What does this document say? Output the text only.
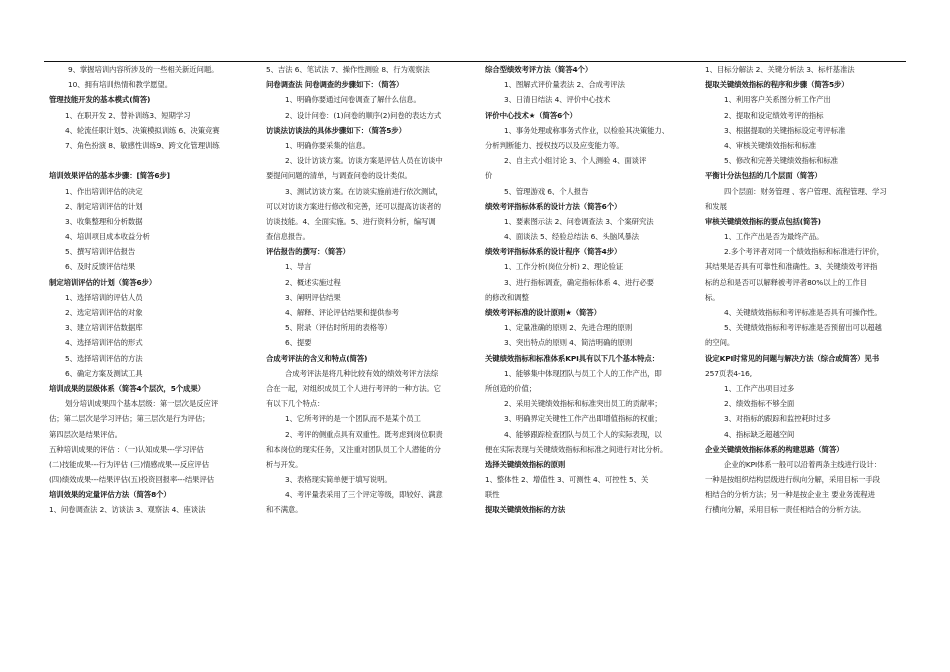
9、掌握培训内容所涉及的一些相关新近问题。
10、拥有培训热情和教学愿望。
管理技能开发的基本模式(简答)
1、在职开发 2、替补训练3、短期学习
4、轮流任职计划5、决策模拟训练 6、决策竞赛
7、角色扮演 8、敏感性训练9、跨文化管理训练
培训效果评估的基本步骤：[简答6步]
1、作出培训评估的决定
2、制定培训评估的计划
3、收集整理和分析数据
4、培训项目成本收益分析
5、撰写培训评估报告
6、及时反馈评估结果
制定培训评估的计划（简答6步）
1、选择培训的评估人员
2、选定培训评估的对象
3、建立培训评估数据库
4、选择培训评估的形式
5、选择培训评估的方法
6、确定方案及测试工具
培训成果的层级体系（简答4个层次，5个成果）
划分培训成果四个基本层级：第一层次是反应评
估；第二层次是学习评估；第三层次是行为评估；
第四层次是结果评估。
五种培训成果的评估 ：（一)认知成果---学习评估
(二)技能成果---行为评估 (三)情感成果---反应评估
(四)绩效成果---结果评估(五)投资回报率---结果评估
培训效果的定量评估方法（简答8个）
1、问卷调查法 2、访谈法 3、观察法 4、座谈法
5、吉法 6、笔试法 7、操作性测验 8、行为观察法
问卷调查法 问卷调查的步骤如下：（简答）
1、明确你要通过问卷调查了解什么信息。
2、设计问卷：(1)问卷的顺序(2)问卷的表达方式
访谈法访谈法的具体步骤如下：（简答5步）
1、明确你要采集的信息。
2、设计访谈方案。访谈方案是评估人员在访谈中
要提问问题的清单，与调查问卷的设计类似。
3、测试访谈方案。在访谈实施前进行依次测试，
可以对访谈方案进行修改和完善，还可以提高访谈者的
访谈技能。4、全面实施。5、进行资料分析，编写调
查信息报告。
评估报告的撰写：（简答）
1、导言
2、概述实施过程
3、阐明评估结果
4、解释、评论评估结果和提供参考
5、附录（评估时所用的表格等）
6、提要
合成考评法的含义和特点(简答)
合成考评法是将几种比较有效的绩效考评方法综
合在一起，对组织成员工个人进行考评的一种方法。它
有以下几个特点：
1、它所考评的是一个团队而不是某个员工
2、考评的侧重点具有双重性。既考虑到岗位职责
和本岗位的现实任务，又注重对团队员工个人潜能的分
析与开发。
3、表格现实简单便于填写说明。
4、考评量表采用了三个评定等级，即较好、满意
和不满意。
综合型绩效考评方法（简答4个）
1、图解式评价量表法 2、合成考评法
3、日清日结法 4、评价中心技术
评价中心技术★（简答6个）
1、事务处理或称事务式作业，以检验其决策能力、
分析判断能力、授权技巧以及应变能力等。
2、自主式小组讨论 3、个人测验 4、面谈评
价
5、管理游戏 6、个人报告
绩效考评指标体系的设计方法（简答6个）
1、要素图示法 2、问卷调查法 3、个案研究法
4、面谈法 5、经验总结法 6、头脑风暴法
绩效考评指标体系的设计程序（简答4步）
1、工作分析(岗位分析) 2、理论验证
3、进行指标调查，确定指标体系 4、进行必要
的修改和调整
绩效考评标准的设计原则★（简答）
1、定量准确的原则 2、先进合理的原则
3、突出特点的原则 4、简洁明确的原则
关键绩效指标和标准体系KPI具有以下几个基本特点：
1、能够集中体现团队与员工个人的工作产出，即
所创造的价值；
2、采用关键绩效指标和标准突出员工的贡献率；
3、明确界定关键性工作产出即增值指标的权重；
4、能够跟踪检查团队与员工个人的实际表现，以
便在实际表现与关键绩效指标和标准之间进行对比分析。
选择关键绩效指标的原则
1、整体性 2、增值性 3、可测性 4、可控性 5、关
联性
提取关键绩效指标的方法
1、目标分解法 2、关键分析法 3、标杆基准法
提取关键绩效指标的程序和步骤（简答5步）
1、利用客户关系图分析工作产出
2、提取和设定绩效考评的指标
3、根据提取的关键指标设定考评标准
4、审核关键绩效指标和标准
5、修改和完善关键绩效指标和标准
平衡计分法包括的几个层面（简答）
四个层面：财务管理 、客户管理、流程管理、学习
和发展
审核关键绩效指标的要点包括(简答)
1、工作产出是否为最终产品。
2.多个考评者对同一个绩效指标和标准进行评价，
其结果是否具有可靠性和准确性。3、关键绩效考评指
标的总和是否可以解释被考评者80%以上的工作目
标。
4、关键绩效指标和考评标准是否具有可操作性。
5、关键绩效指标和考评标准是否预留出可以超越
的空间。
设定KPI时常见的问题与解决方法（综合或简答）见书
257页表4-16,
1、工作产出项目过多
2、绩效指标不够全面
3、对指标的跟踪和监控耗时过多
4、指标缺乏超越空间
企业关键绩效指标体系的构建思路（简答）
企业的KPI体系一般可以沿着两条主线进行设计：
一种是按组织结构层级进行纵向分解，采用目标一手段
相结合的分析方法；另一种是按企业主 要业务流程进
行横向分解，采用目标一责任相结合的分析方法。
